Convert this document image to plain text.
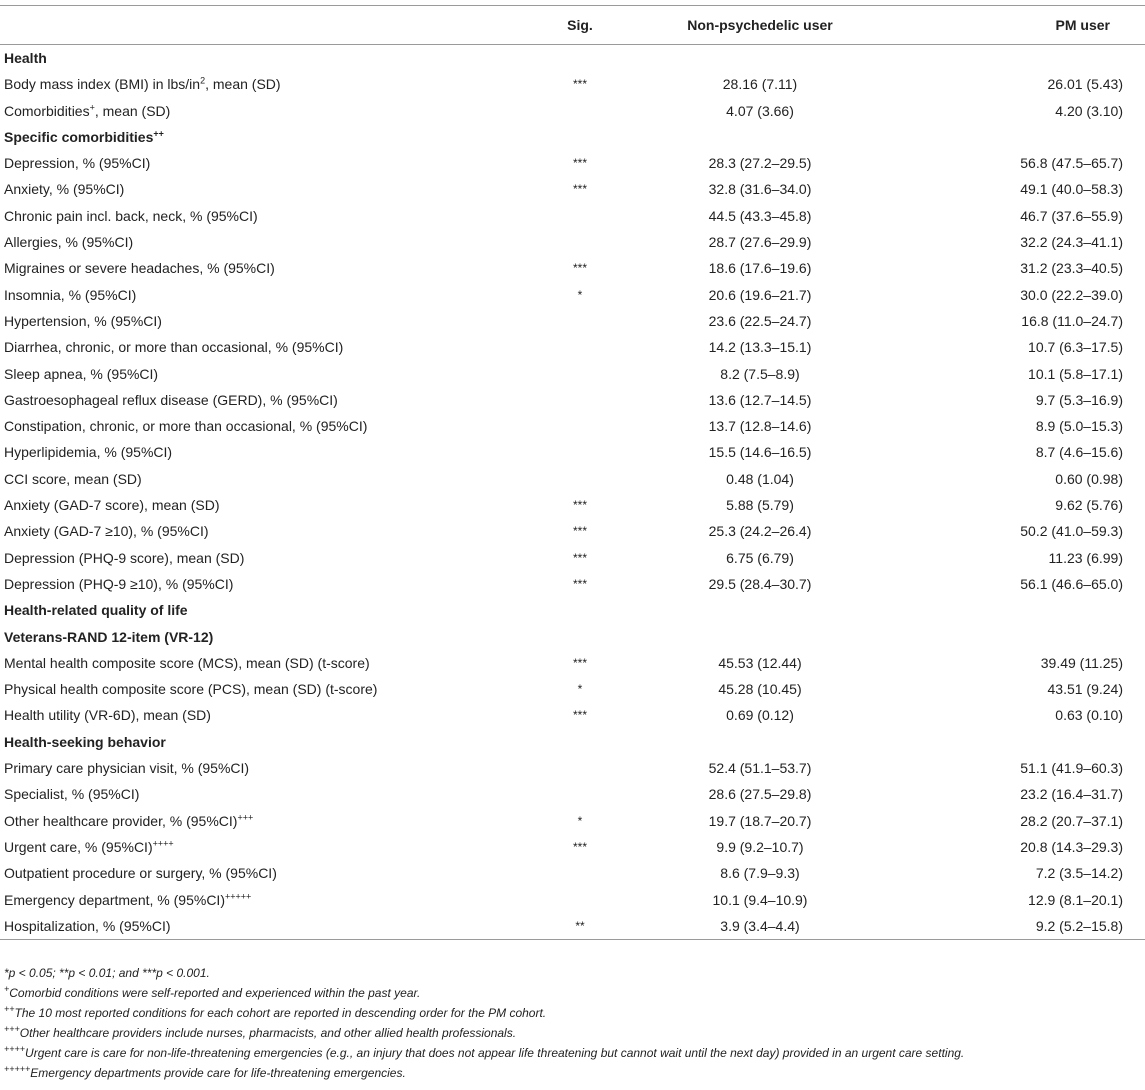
	Sig.	Non-psychedelic user	PM user
Health			
Body mass index (BMI) in lbs/$in^2$, mean (SD)	***	28.16 (7.11)	26.01 (5.43)
Comorbidities+, mean (SD)		4.07 (3.66)	4.20 (3.10)
Specific comorbidities++			
Depression, % (95%CI)	***	28.3 (27.2–29.5)	56.8 (47.5–65.7)
Anxiety, % (95%CI)	***	32.8 (31.6–34.0)	49.1 (40.0–58.3)
Chronic pain incl. back, neck, % (95%CI)		44.5 (43.3–45.8)	46.7 (37.6–55.9)
Allergies, % (95%CI)		28.7 (27.6–29.9)	32.2 (24.3–41.1)
Migraines or severe headaches, % (95%CI)	***	18.6 (17.6–19.6)	31.2 (23.3–40.5)
Insomnia, % (95%CI)	*	20.6 (19.6–21.7)	30.0 (22.2–39.0)
Hypertension, % (95%CI)		23.6 (22.5–24.7)	16.8 (11.0–24.7)
Diarrhea, chronic, or more than occasional, % (95%CI)		14.2 (13.3–15.1)	10.7 (6.3–17.5)
Sleep apnea, % (95%CI)		8.2 (7.5–8.9)	10.1 (5.8–17.1)
Gastroesophageal reflux disease (GERD), % (95%CI)		13.6 (12.7–14.5)	9.7 (5.3–16.9)
Constipation, chronic, or more than occasional, % (95%CI)		13.7 (12.8–14.6)	8.9 (5.0–15.3)
Hyperlipidemia, % (95%CI)		15.5 (14.6–16.5)	8.7 (4.6–15.6)
CCI score, mean (SD)		0.48 (1.04)	0.60 (0.98)
Anxiety (GAD-7 score), mean (SD)	***	5.88 (5.79)	9.62 (5.76)
Anxiety (GAD-7 ≥10), % (95%CI)	***	25.3 (24.2–26.4)	50.2 (41.0–59.3)
Depression (PHQ-9 score), mean (SD)	***	6.75 (6.79)	11.23 (6.99)
Depression (PHQ-9 ≥10), % (95%CI)	***	29.5 (28.4–30.7)	56.1 (46.6–65.0)
Health-related quality of life			
Veterans-RAND 12-item (VR-12)			
Mental health composite score (MCS), mean (SD) (t-score)	***	45.53 (12.44)	39.49 (11.25)
Physical health composite score (PCS), mean (SD) (t-score)	*	45.28 (10.45)	43.51 (9.24)
Health utility (VR-6D), mean (SD)	***	0.69 (0.12)	0.63 (0.10)
Health-seeking behavior			
Primary care physician visit, % (95%CI)		52.4 (51.1–53.7)	51.1 (41.9–60.3)
Specialist, % (95%CI)		28.6 (27.5–29.8)	23.2 (16.4–31.7)
Other healthcare provider, % (95%CI)+++	*	19.7 (18.7–20.7)	28.2 (20.7–37.1)
Urgent care, % (95%CI)++++	***	9.9 (9.2–10.7)	20.8 (14.3–29.3)
Outpatient procedure or surgery, % (95%CI)		8.6 (7.9–9.3)	7.2 (3.5–14.2)
Emergency department, % (95%CI)+++++		10.1 (9.4–10.9)	12.9 (8.1–20.1)
Hospitalization, % (95%CI)	**	3.9 (3.4–4.4)	9.2 (5.2–15.8)
*p < 0.05; **p < 0.01; and ***p < 0.001.
+Comorbid conditions were self-reported and experienced within the past year.
++The 10 most reported conditions for each cohort are reported in descending order for the PM cohort.
+++Other healthcare providers include nurses, pharmacists, and other allied health professionals.
++++Urgent care is care for non-life-threatening emergencies (e.g., an injury that does not appear life threatening but cannot wait until the next day) provided in an urgent care setting.
+++++Emergency departments provide care for life-threatening emergencies.
